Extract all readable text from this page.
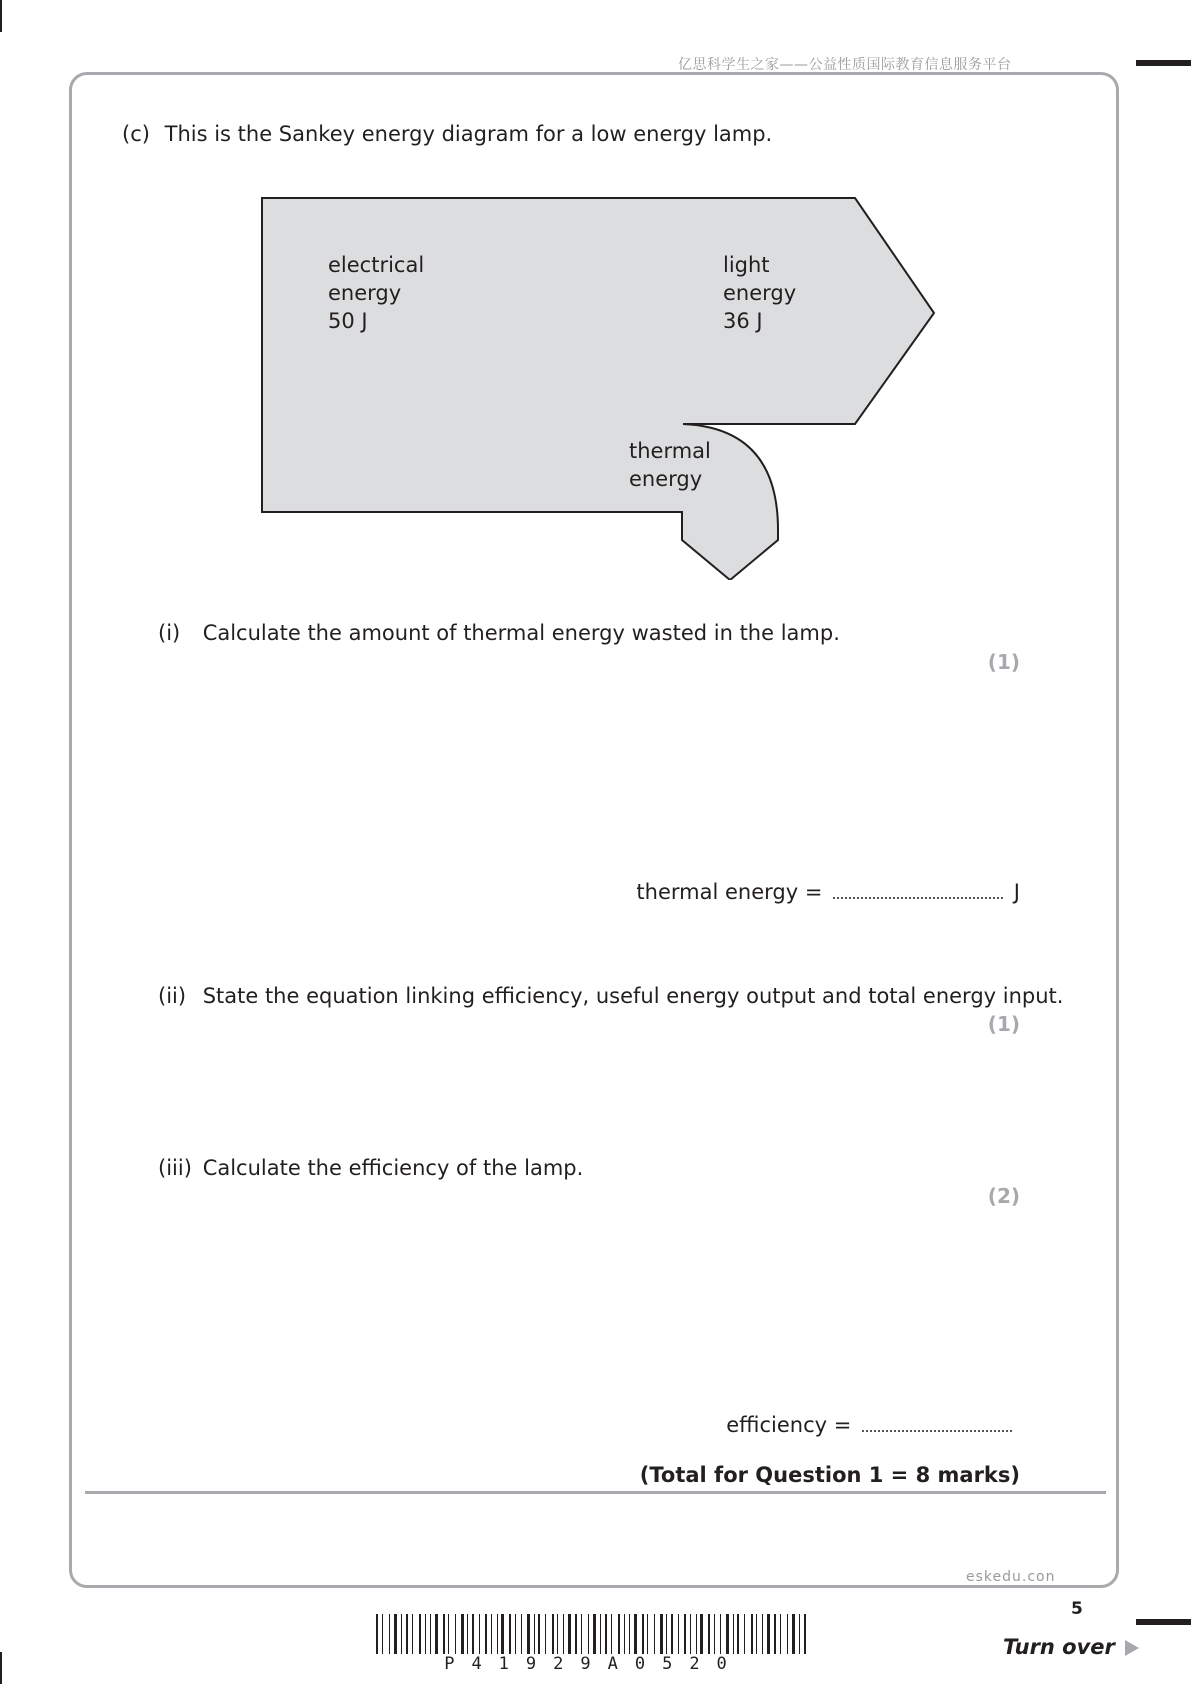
亿思科学生之家——公益性质国际教育信息服务平台
(c) This is the Sankey energy diagram for a low energy lamp.
electrical
energy
50 J
light
energy
36 J
thermal
energy
(i) Calculate the amount of thermal energy wasted in the lamp.
(1)
thermal energy =	J
(ii) State the equation linking efficiency, useful energy output and total energy input.
(1)
(iii) Calculate the efficiency of the lamp.
(2)
efficiency =
(Total for Question 1 = 8 marks)
eskedu.con
5
P41929A0520
Turn over
